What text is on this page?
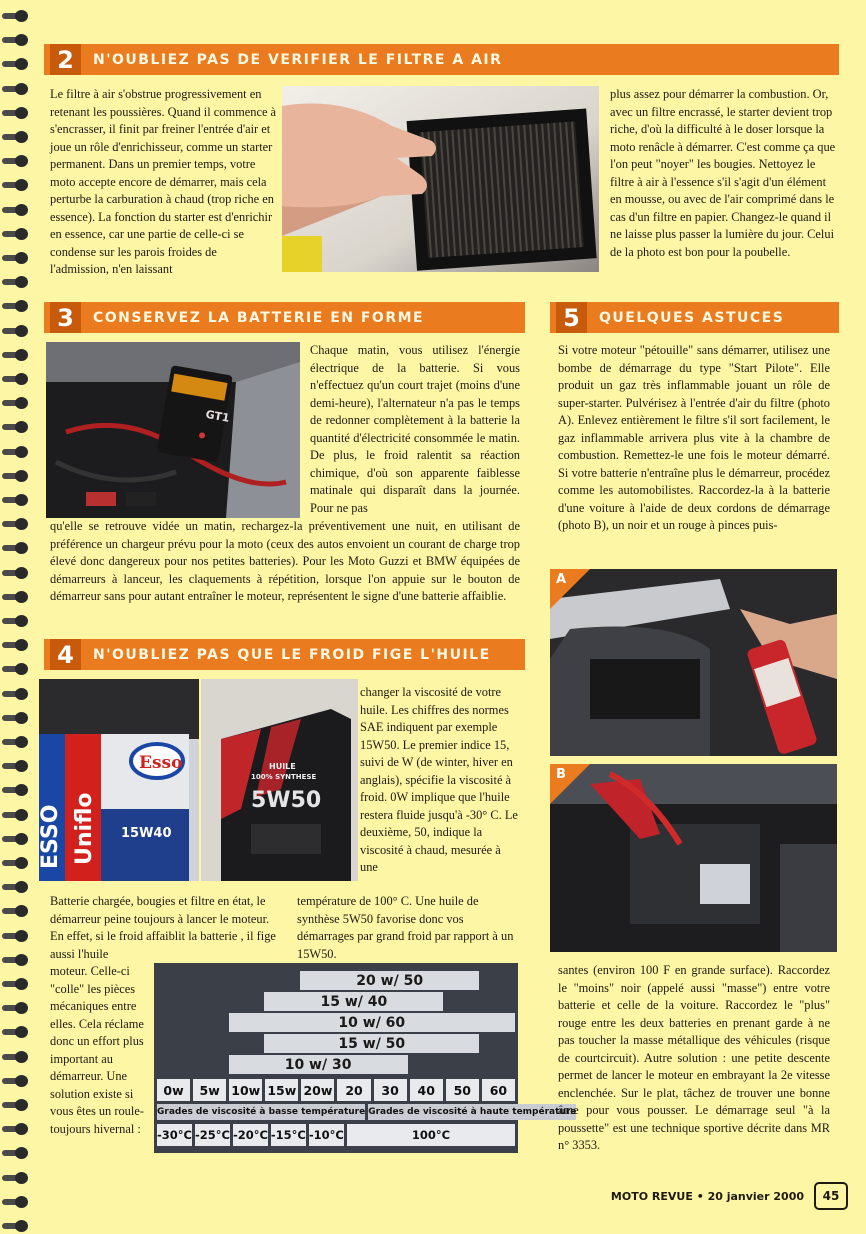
2	N'OUBLIEZ PAS DE VERIFIER LE FILTRE A AIR

Le filtre à air s'obstrue progressivement en retenant les poussières. Quand il commence à s'encrasser, il finit par freiner l'entrée d'air et joue un rôle d'enrichisseur, comme un starter permanent. Dans un premier temps, votre moto accepte encore de démarrer, mais cela perturbe la carburation à chaud (trop riche en essence). La fonction du starter est d'enrichir en essence, car une partie de celle-ci se condense sur les parois froides de l'admission, n'en laissant

plus assez pour démarrer la combustion. Or, avec un filtre encrassé, le starter devient trop riche, d'où la difficulté à le doser lorsque la moto renâcle à démarrer. C'est comme ça que l'on peut "noyer" les bougies. Nettoyez le filtre à air à l'essence s'il s'agit d'un élément en mousse, ou avec de l'air comprimé dans le cas d'un filtre en papier. Changez-le quand il ne laisse plus passer la lumière du jour. Celui de la photo est bon pour la poubelle.

3	CONSERVEZ LA BATTERIE EN FORME
GT1

Chaque matin, vous utilisez l'énergie électrique de la batterie. Si vous n'effectuez qu'un court trajet (moins d'une demi-heure), l'alternateur n'a pas le temps de redonner complètement à la batterie la quantité d'électricité consommée le matin. De plus, le froid ralentit sa réaction chimique, d'où son apparente faiblesse matinale qui disparaît dans la journée. Pour ne pas

qu'elle se retrouve vidée un matin, rechargez-la préventivement une nuit, en utilisant de préférence un chargeur prévu pour la moto (ceux des autos envoient un courant de charge trop élevé donc dangereux pour nos petites batteries). Pour les Moto Guzzi et BMW équipées de démarreurs à lanceur, les claquements à répétition, lorsque l'on appuie sur le bouton de démarreur sans pour autant entraîner le moteur, représentent le signe d'une batterie affaiblie.

4	N'OUBLIEZ PAS QUE LE FROID FIGE L'HUILE
ESSO Uniflo
Esso
15W40
HUILE
100% SYNTHESE
5W50

changer la viscosité de votre huile. Les chiffres des normes SAE indiquent par exemple 15W50. Le premier indice 15, suivi de W (de winter, hiver en anglais), spécifie la viscosité à froid. 0W implique que l'huile restera fluide jusqu'à -30° C. Le deuxième, 50, indique la viscosité à chaud, mesurée à une

Batterie chargée, bougies et filtre en état, le démarreur peine toujours à lancer le moteur. En effet, si le froid affaiblit la batterie , il fige aussi l'huile

température de 100° C. Une huile de synthèse 5W50 favorise donc vos démarrages par grand froid par rapport à un 15W50.

moteur. Celle-ci "colle" les pièces mécaniques entre elles. Cela réclame donc un effort plus important au démarreur. Une solution existe si vous êtes un roule-toujours hivernal :

0w	5w 10w 15w 20w	20	30	40	50	60
Grades de viscosité à basse température Grades de viscosité à haute température
-30°C -25°C -20°C -15°C -10°C	100°C
20 w/ 50
15 w/ 40
10 w/ 60
15 w/ 50
10 w/ 30
5	QUELQUES ASTUCES

Si votre moteur "pétouille" sans démarrer, utilisez une bombe de démarrage du type "Start Pilote". Elle produit un gaz très inflammable jouant un rôle de super-starter. Pulvérisez à l'entrée d'air du filtre (photo A). Enlevez entièrement le filtre s'il sort facilement, le gaz inflammable arrivera plus vite à la chambre de combustion. Remettez-le une fois le moteur démarré. Si votre batterie n'entraîne plus le démarreur, procédez comme les automobilistes. Raccordez-la à la batterie d'une voiture à l'aide de deux cordons de démarrage (photo B), un noir et un rouge à pinces puis-

A
B

santes (environ 100 F en grande surface). Raccordez le "moins" noir (appelé aussi "masse") entre votre batterie et celle de la voiture. Raccordez le "plus" rouge entre les deux batteries en prenant garde à ne pas toucher la masse métallique des véhicules (risque de courtcircuit). Autre solution : une petite descente permet de lancer le moteur en embrayant la 2e vitesse enclenchée. Sur le plat, tâchez de trouver une bonne âme pour vous pousser. Le démarrage seul "à la poussette" est une technique sportive décrite dans MR n° 3353.

MOTO REVUE • 20 janvier 2000	45
